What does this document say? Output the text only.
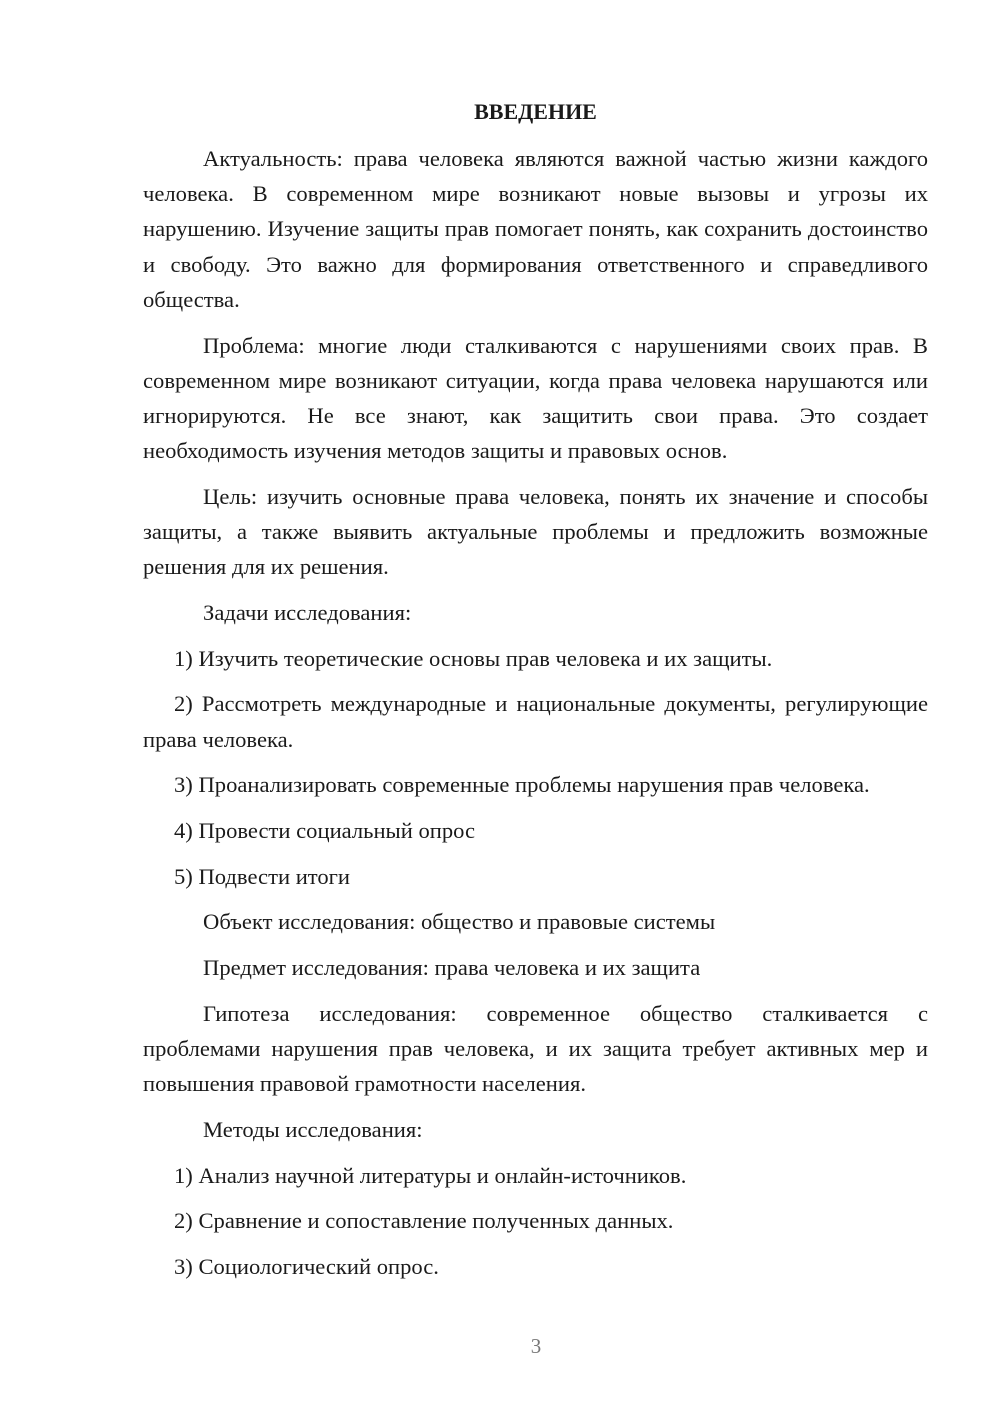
ВВЕДЕНИЕ

Актуальность: права человека являются важной частью жизни каждого человека. В современном мире возникают новые вызовы и угрозы их нарушению. Изучение защиты прав помогает понять, как сохранить достоинство и свободу. Это важно для формирования ответственного и справедливого общества.

Проблема: многие люди сталкиваются с нарушениями своих прав. В современном мире возникают ситуации, когда права человека нарушаются или игнорируются. Не все знают, как защитить свои права. Это создает необходимость изучения методов защиты и правовых основ.

Цель: изучить основные права человека, понять их значение и способы защиты, а также выявить актуальные проблемы и предложить возможные решения для их решения.

Задачи исследования:

1) Изучить теоретические основы прав человека и их защиты.

2) Рассмотреть международные и национальные документы, регулирующие права человека.

3) Проанализировать современные проблемы нарушения прав человека.

4) Провести социальный опрос

5) Подвести итоги

Объект исследования: общество и правовые системы

Предмет исследования: права человека и их защита

Гипотеза исследования: современное общество сталкивается с проблемами нарушения прав человека, и их защита требует активных мер и повышения правовой грамотности населения.

Методы исследования:

1) Анализ научной литературы и онлайн-источников.

2) Сравнение и сопоставление полученных данных.

3) Социологический опрос.

3
